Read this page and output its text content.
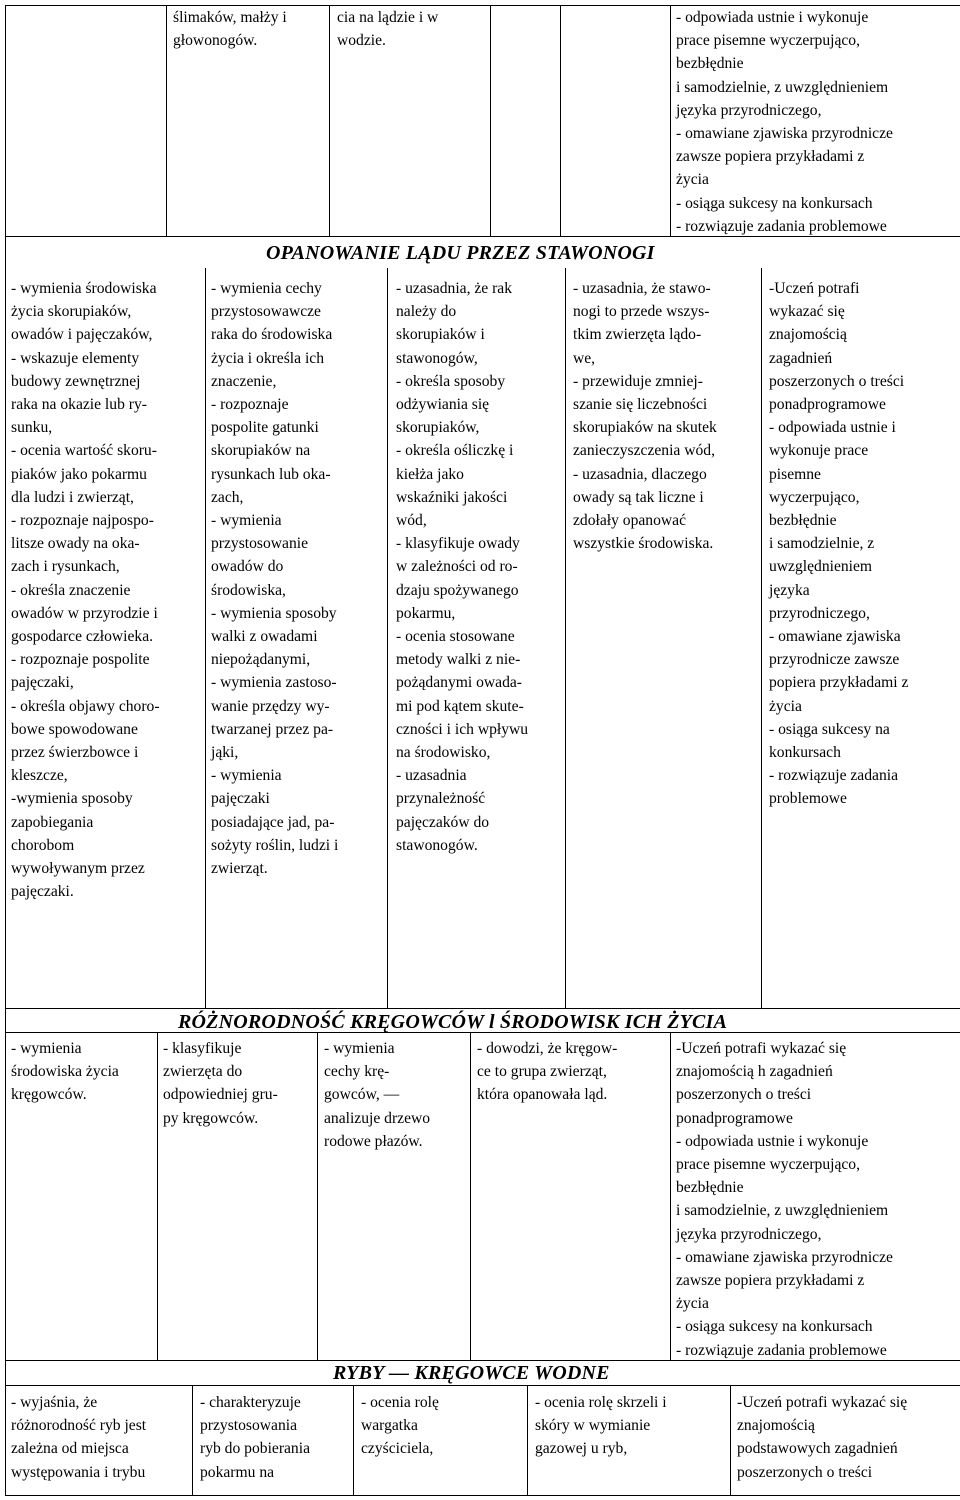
ślimaków, małży i
głowonogów.

cia na lądzie i w
wodzie.

- odpowiada ustnie i wykonuje
prace pisemne wyczerpująco,
bezbłędnie
i samodzielnie, z uwzględnieniem
języka przyrodniczego,
- omawiane zjawiska przyrodnicze
zawsze popiera przykładami z
życia
- osiąga sukcesy na konkursach
- rozwiązuje zadania problemowe

OPANOWANIE LĄDU PRZEZ STAWONOGI

- wymienia środowiska
życia skorupiaków,
owadów i pajęczaków,
- wskazuje elementy
budowy zewnętrznej
raka na okazie lub ry-
sunku,
- ocenia wartość skoru-
piaków jako pokarmu
dla ludzi i zwierząt,
- rozpoznaje najpospo-
litsze owady na oka-
zach i rysunkach,
- określa znaczenie
owadów w przyrodzie i
gospodarce człowieka.
- rozpoznaje pospolite
pajęczaki,
- określa objawy choro-
bowe spowodowane
przez świerzbowce i
kleszcze,
-wymienia sposoby
zapobiegania
chorobom
wywoływanym przez
pajęczaki.

- wymienia cechy
przystosowawcze
raka do środowiska
życia i określa ich
znaczenie,
- rozpoznaje
pospolite gatunki
skorupiaków na
rysunkach lub oka-
zach,
- wymienia
przystosowanie
owadów do
środowiska,
- wymienia sposoby
walki z owadami
niepożądanymi,
- wymienia zastoso-
wanie przędzy wy-
twarzanej przez pa-
jąki,
- wymienia
pajęczaki
posiadające jad, pa-
sożyty roślin, ludzi i
zwierząt.

- uzasadnia, że rak
należy do
skorupiaków i
stawonogów,
- określa sposoby
odżywiania się
skorupiaków,
- określa ośliczkę i
kiełża jako
wskaźniki jakości
wód,
- klasyfikuje owady
w zależności od ro-
dzaju spożywanego
pokarmu,
- ocenia stosowane
metody walki z nie-
pożądanymi owada-
mi pod kątem skute-
czności i ich wpływu
na środowisko,
- uzasadnia
przynależność
pajęczaków do
stawonogów.

- uzasadnia, że stawo-
nogi to przede wszys-
tkim zwierzęta lądo-
we,
- przewiduje zmniej-
szanie się liczebności
skorupiaków na skutek
zanieczyszczenia wód,
- uzasadnia, dlaczego
owady są tak liczne i
zdołały opanować
wszystkie środowiska.

-Uczeń potrafi
wykazać się
znajomością
zagadnień
poszerzonych o treści
ponadprogramowe
- odpowiada ustnie i
wykonuje prace
pisemne
wyczerpująco,
bezbłędnie
i samodzielnie, z
uwzględnieniem
języka
przyrodniczego,
- omawiane zjawiska
przyrodnicze zawsze
popiera przykładami z
życia
- osiąga sukcesy na
konkursach
- rozwiązuje zadania
problemowe

RÓŻNORODNOŚĆ KRĘGOWCÓW l ŚRODOWISK ICH ŻYCIA

- wymienia
środowiska życia
kręgowców.

- klasyfikuje
zwierzęta do
odpowiedniej gru-
py kręgowców.

- wymienia
cechy krę-
gowców, —
analizuje drzewo
rodowe płazów.

- dowodzi, że kręgow-
ce to grupa zwierząt,
która opanowała ląd.

-Uczeń potrafi wykazać się
znajomością h zagadnień
poszerzonych o treści
ponadprogramowe
- odpowiada ustnie i wykonuje
prace pisemne wyczerpująco,
bezbłędnie
i samodzielnie, z uwzględnieniem
języka przyrodniczego,
- omawiane zjawiska przyrodnicze
zawsze popiera przykładami z
życia
- osiąga sukcesy na konkursach
- rozwiązuje zadania problemowe

RYBY — KRĘGOWCE WODNE

- wyjaśnia, że
różnorodność ryb jest
zależna od miejsca
występowania i trybu

- charakteryzuje
przystosowania
ryb do pobierania
pokarmu na

- ocenia rolę
wargatka
czyściciela,

- ocenia rolę skrzeli i
skóry w wymianie
gazowej u ryb,

-Uczeń potrafi wykazać się
znajomością
podstawowych zagadnień
poszerzonych o treści
